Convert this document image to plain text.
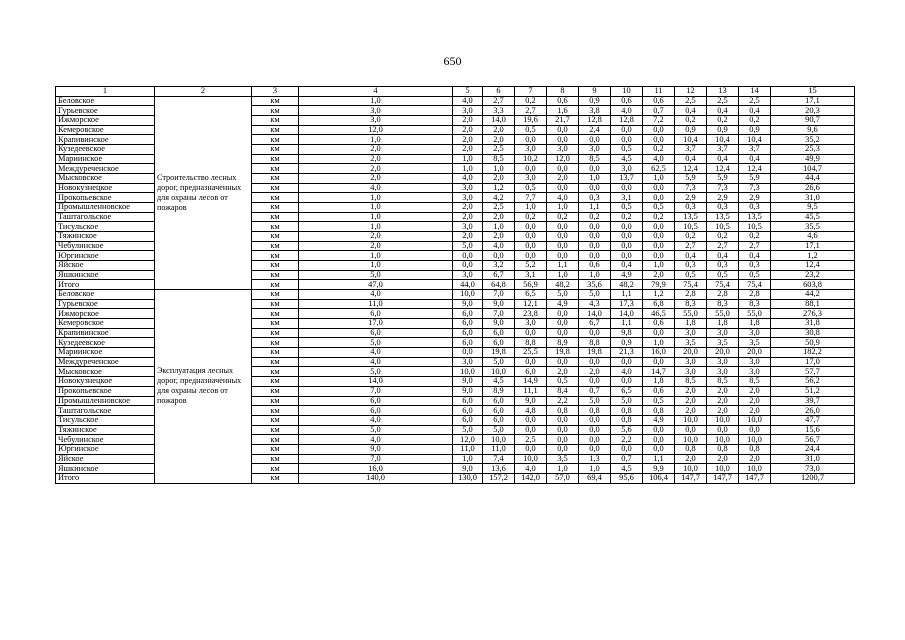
650
1	2	3	4	5	6	7	8	9	10	11	12	13	14	15
Беловское	Строительство лесных дорог, предназначенных для охраны лесов от пожаров	км	1,0	4,0	2,7	0,2	0,6	0,9	0,6	0,6	2,5	2,5	2,5	17,1
Гурьевское		км	3,0	3,0	3,3	2,7	1,6	3,8	4,0	0,7	0,4	0,4	0,4	20,3
Ижморское		км	3,0	2,0	14,0	19,6	21,7	12,8	12,8	7,2	0,2	0,2	0,2	90,7
Кемеровское		км	12,0	2,0	2,0	0,5	0,0	2,4	0,0	0,0	0,9	0,9	0,9	9,6
Крапивинское		км	1,0	2,0	2,0	0,0	0,0	0,0	0,0	0,0	10,4	10,4	10,4	35,2
Кузедеевское		км	2,0	2,0	2,5	3,0	3,0	3,0	0,5	0,2	3,7	3,7	3,7	25,3
Мариинское		км	2,0	1,0	8,5	10,2	12,0	8,5	4,5	4,0	0,4	0,4	0,4	49,9
Междуреченское		км	2,0	1,0	1,0	0,0	0,0	0,0	3,0	62,5	12,4	12,4	12,4	104,7
Мысковское		км	2,0	4,0	2,0	3,0	2,0	1,0	13,7	1,0	5,9	5,9	5,9	44,4
Новокузнецкое		км	4,0	3,0	1,2	0,5	0,0	0,0	0,0	0,0	7,3	7,3	7,3	26,6
Прокопьевское		км	1,0	3,0	4,2	7,7	4,0	0,3	3,1	0,0	2,9	2,9	2,9	31,0
Промышленновское		км	1,0	2,0	2,5	1,0	1,0	1,1	0,5	0,5	0,3	0,3	0,3	9,5
Таштагольское		км	1,0	2,0	2,0	0,2	0,2	0,2	0,2	0,2	13,5	13,5	13,5	45,5
Тисульское		км	1,0	3,0	1,0	0,0	0,0	0,0	0,0	0,0	10,5	10,5	10,5	35,5
Тяжинское		км	2,0	2,0	2,0	0,0	0,0	0,0	0,0	0,0	0,2	0,2	0,2	4,6
Чебулинское		км	2,0	5,0	4,0	0,0	0,0	0,0	0,0	0,0	2,7	2,7	2,7	17,1
Юргинское		км	1,0	0,0	0,0	0,0	0,0	0,0	0,0	0,0	0,4	0,4	0,4	1,2
Яйское		км	1,0	0,0	3,2	5,2	1,1	0,6	0,4	1,0	0,3	0,3	0,3	12,4
Яшкинское		км	5,0	3,0	6,7	3,1	1,0	1,0	4,9	2,0	0,5	0,5	0,5	23,2
Итого		км	47,0	44,0	64,8	56,9	48,2	35,6	48,2	79,9	75,4	75,4	75,4	603,8
Беловское	Эксплуатация лесных дорог, предназначенных для охраны лесов от пожаров	км	4,0	10,0	7,0	6,5	5,0	5,0	1,1	1,2	2,8	2,8	2,8	44,2
Гурьевское		км	11,0	9,0	9,0	12,1	4,9	4,3	17,3	6,8	8,3	8,3	8,3	88,1
Ижморское		км	6,0	6,0	7,0	23,8	0,0	14,0	14,0	46,5	55,0	55,0	55,0	276,3
Кемеровское		км	17,0	6,0	9,0	3,0	0,0	6,7	1,1	0,6	1,8	1,8	1,8	31,8
Крапивинское		км	6,0	6,0	6,0	0,0	0,0	0,0	9,8	0,0	3,0	3,0	3,0	30,8
Кузедеевское		км	5,0	6,0	6,0	8,8	8,9	8,8	0,9	1,0	3,5	3,5	3,5	50,9
Мариинское		км	4,0	0,0	19,8	25,5	19,8	19,8	21,3	16,0	20,0	20,0	20,0	182,2
Междуреченское		км	4,0	3,0	5,0	0,0	0,0	0,0	0,0	0,0	3,0	3,0	3,0	17,0
Мысковское		км	5,0	10,0	10,0	6,0	2,0	2,0	4,0	14,7	3,0	3,0	3,0	57,7
Новокузнецкое		км	14,0	9,0	4,5	14,9	0,5	0,0	0,0	1,8	8,5	8,5	8,5	56,2
Прокопьевское		км	7,0	9,0	8,9	11,1	8,4	0,7	6,5	0,6	2,0	2,0	2,0	51,2
Промышленновское		км	6,0	6,0	6,0	9,0	2,2	5,0	5,0	0,5	2,0	2,0	2,0	39,7
Таштагольское		км	6,0	6,0	6,0	4,8	0,8	0,8	0,8	0,8	2,0	2,0	2,0	26,0
Тисульское		км	4,0	6,0	6,0	0,0	0,0	0,0	0,8	4,9	10,0	10,0	10,0	47,7
Тяжинское		км	5,0	5,0	5,0	0,0	0,0	0,0	5,6	0,0	0,0	0,0	0,0	15,6
Чебулинское		км	4,0	12,0	10,0	2,5	0,0	0,0	2,2	0,0	10,0	10,0	10,0	56,7
Юргинское		км	9,0	11,0	11,0	0,0	0,0	0,0	0,0	0,0	0,8	0,8	0,8	24,4
Яйское		км	7,0	1,0	7,4	10,0	3,5	1,3	0,7	1,1	2,0	2,0	2,0	31,0
Яшкинское		км	16,0	9,0	13,6	4,0	1,0	1,0	4,5	9,9	10,0	10,0	10,0	73,0
Итого		км	140,0	130,0	157,2	142,0	57,0	69,4	95,6	106,4	147,7	147,7	147,7	1200,7
